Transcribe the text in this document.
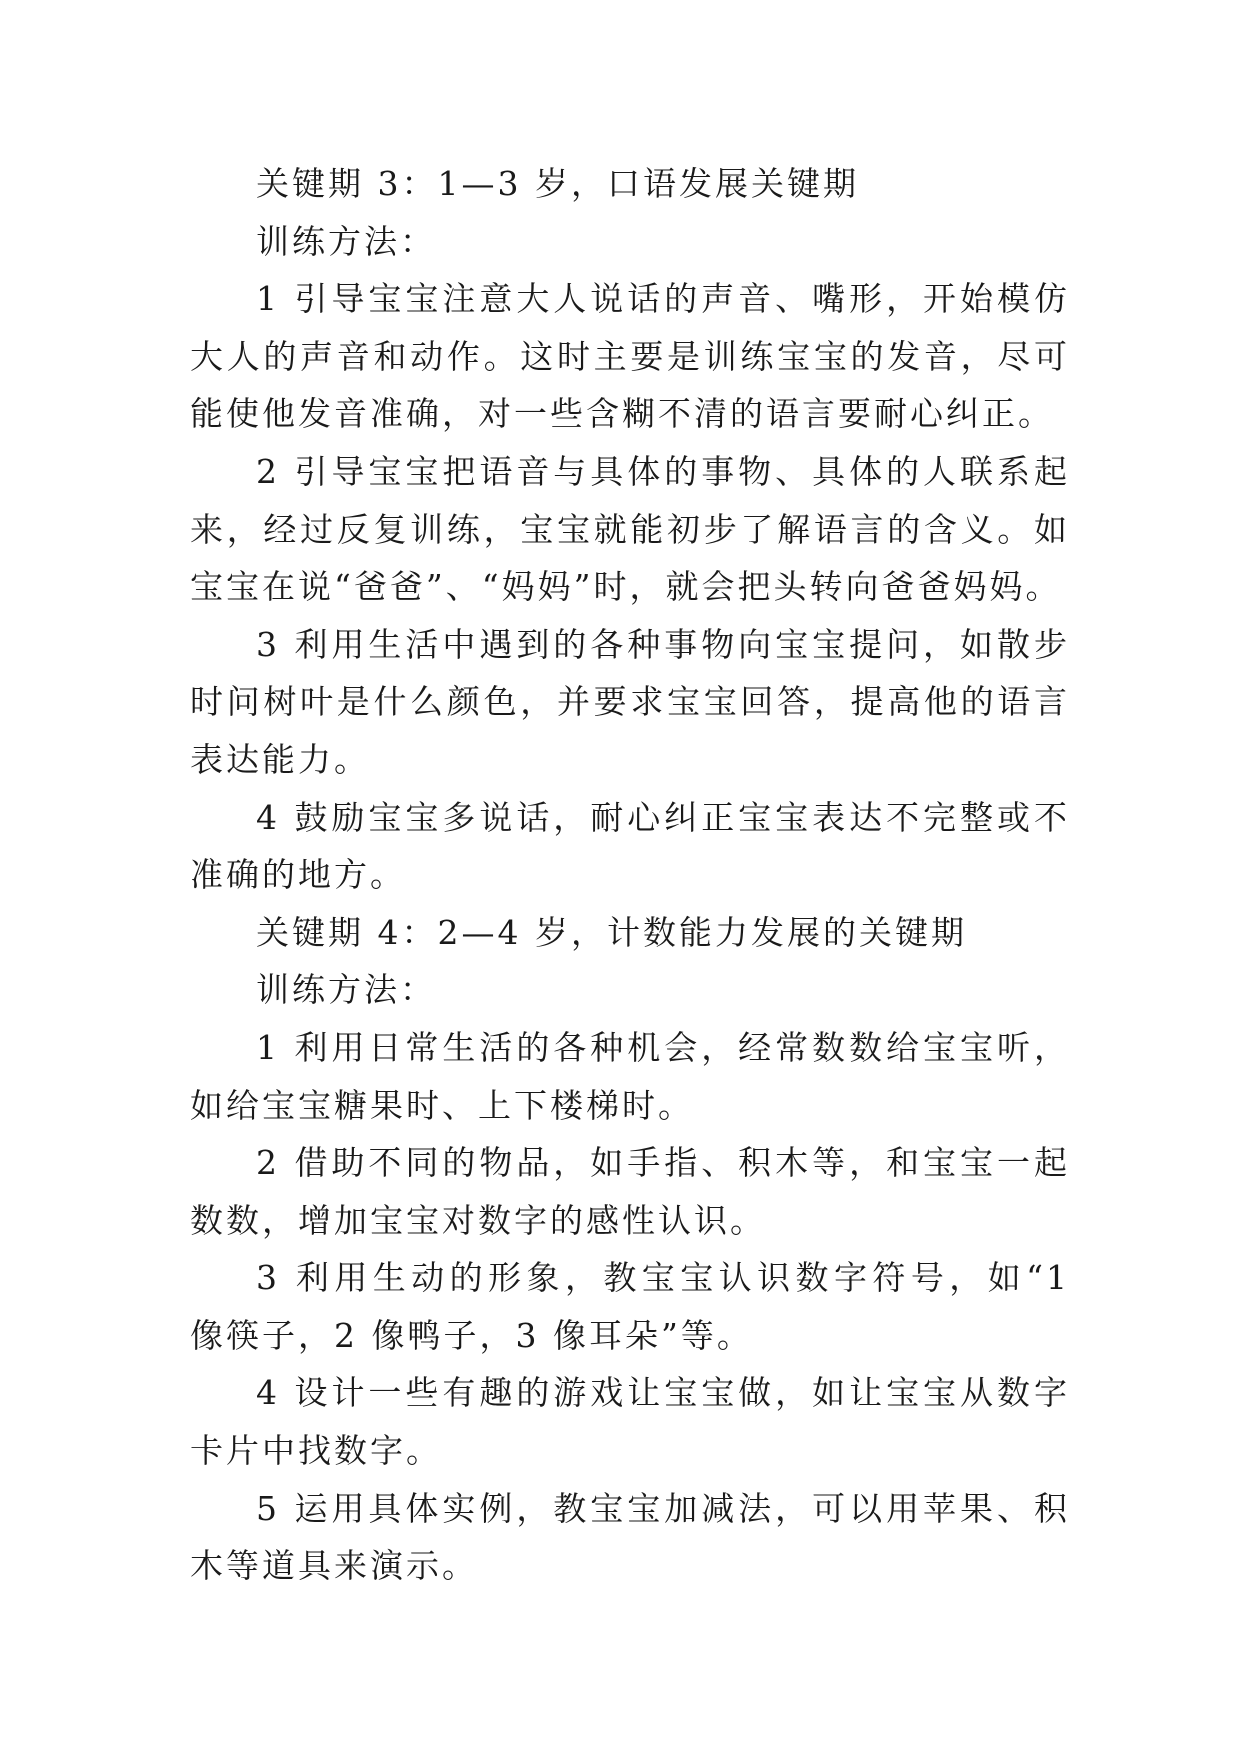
关键期 3：1—3 岁，口语发展关键期

训练方法：

1 引导宝宝注意大人说话的声音、嘴形，开始模仿大人的声音和动作。这时主要是训练宝宝的发音，尽可能使他发音准确，对一些含糊不清的语言要耐心纠正。

2 引导宝宝把语音与具体的事物、具体的人联系起来，经过反复训练，宝宝就能初步了解语言的含义。如宝宝在说“爸爸”、“妈妈”时，就会把头转向爸爸妈妈。

3 利用生活中遇到的各种事物向宝宝提问，如散步时问树叶是什么颜色，并要求宝宝回答，提高他的语言表达能力。

4 鼓励宝宝多说话，耐心纠正宝宝表达不完整或不准确的地方。

关键期 4：2—4 岁，计数能力发展的关键期

训练方法：

1 利用日常生活的各种机会，经常数数给宝宝听，如给宝宝糖果时、上下楼梯时。

2 借助不同的物品，如手指、积木等，和宝宝一起数数，增加宝宝对数字的感性认识。

3 利用生动的形象，教宝宝认识数字符号，如“1 像筷子，2 像鸭子，3 像耳朵”等。

4 设计一些有趣的游戏让宝宝做，如让宝宝从数字卡片中找数字。

5 运用具体实例，教宝宝加减法，可以用苹果、积木等道具来演示。
